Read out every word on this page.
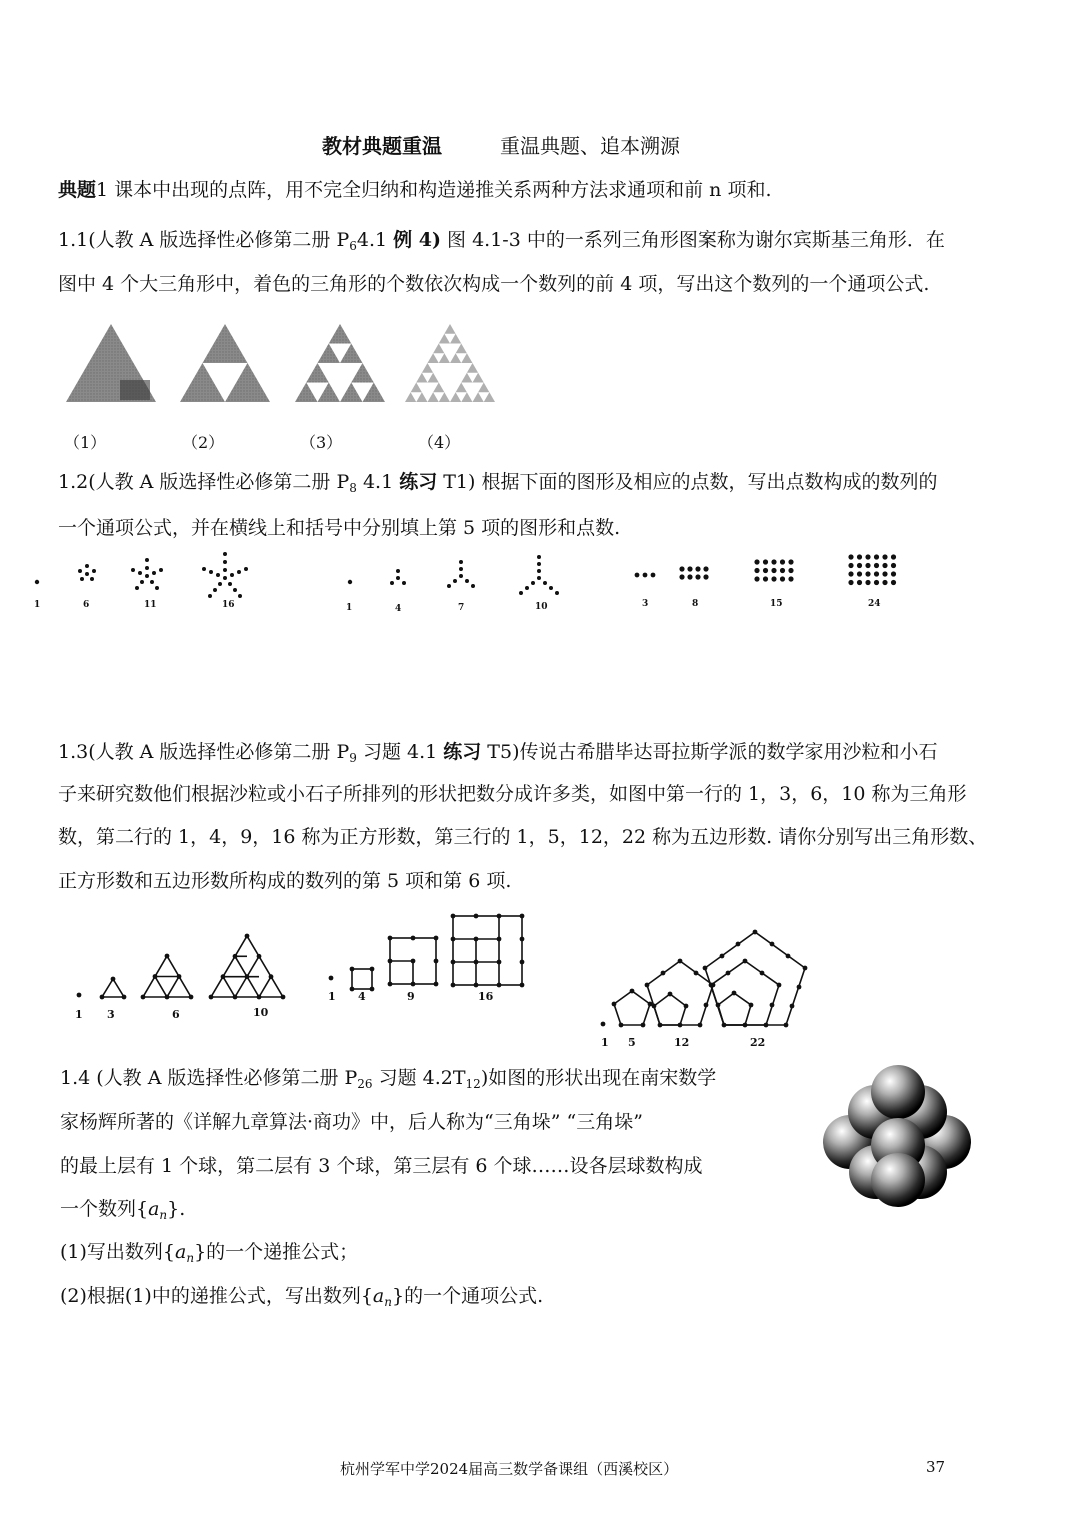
教材典题重温	重温典题、追本溯源
典题1 课本中出现的点阵，用不完全归纳和构造递推关系两种方法求通项和前 n 项和.
1.1(人教 A 版选择性必修第二册 $P_64.1$ 例 4) 图 4.1-3 中的一系列三角形图案称为谢尔宾斯基三角形．在
图中 4 个大三角形中，着色的三角形的个数依次构成一个数列的前 4 项，写出这个数列的一个通项公式.
（1）	（2）	（3）	（4）
1.2(人教 A 版选择性必修第二册 $P_8$ 4.1 练习 T1) 根据下面的图形及相应的点数，写出点数构成的数列的
一个通项公式，并在横线上和括号中分别填上第 5 项的图形和点数.
1	6	11	16	1	4	7	10	3	8	15	24
1.3(人教 A 版选择性必修第二册 $P_9$ 习题 4.1 练习 T5)传说古希腊毕达哥拉斯学派的数学家用沙粒和小石
子来研究数他们根据沙粒或小石子所排列的形状把数分成许多类，如图中第一行的 1，3，6，10 称为三角形
数，第二行的 1，4，9，16 称为正方形数，第三行的 1，5，12，22 称为五边形数. 请你分别写出三角形数、
正方形数和五边形数所构成的数列的第 5 项和第 6 项.
1 3	6	10
1 4	9	16
1 5	12	22
1.4 (人教 A 版选择性必修第二册 $P_{26}$ 习题 $4.2T_{12}$)如图的形状出现在南宋数学
家杨辉所著的《详解九章算法·商功》中，后人称为“三角垛” “三角垛”
的最上层有 1 个球，第二层有 3 个球，第三层有 6 个球……设各层球数构成
一个数列$\{a_n\}$.
(1)写出数列$\{a_n\}$的一个递推公式；
(2)根据(1)中的递推公式，写出数列$\{a_n\}$的一个通项公式.
杭州学军中学2024届高三数学备课组（西溪校区）	37
